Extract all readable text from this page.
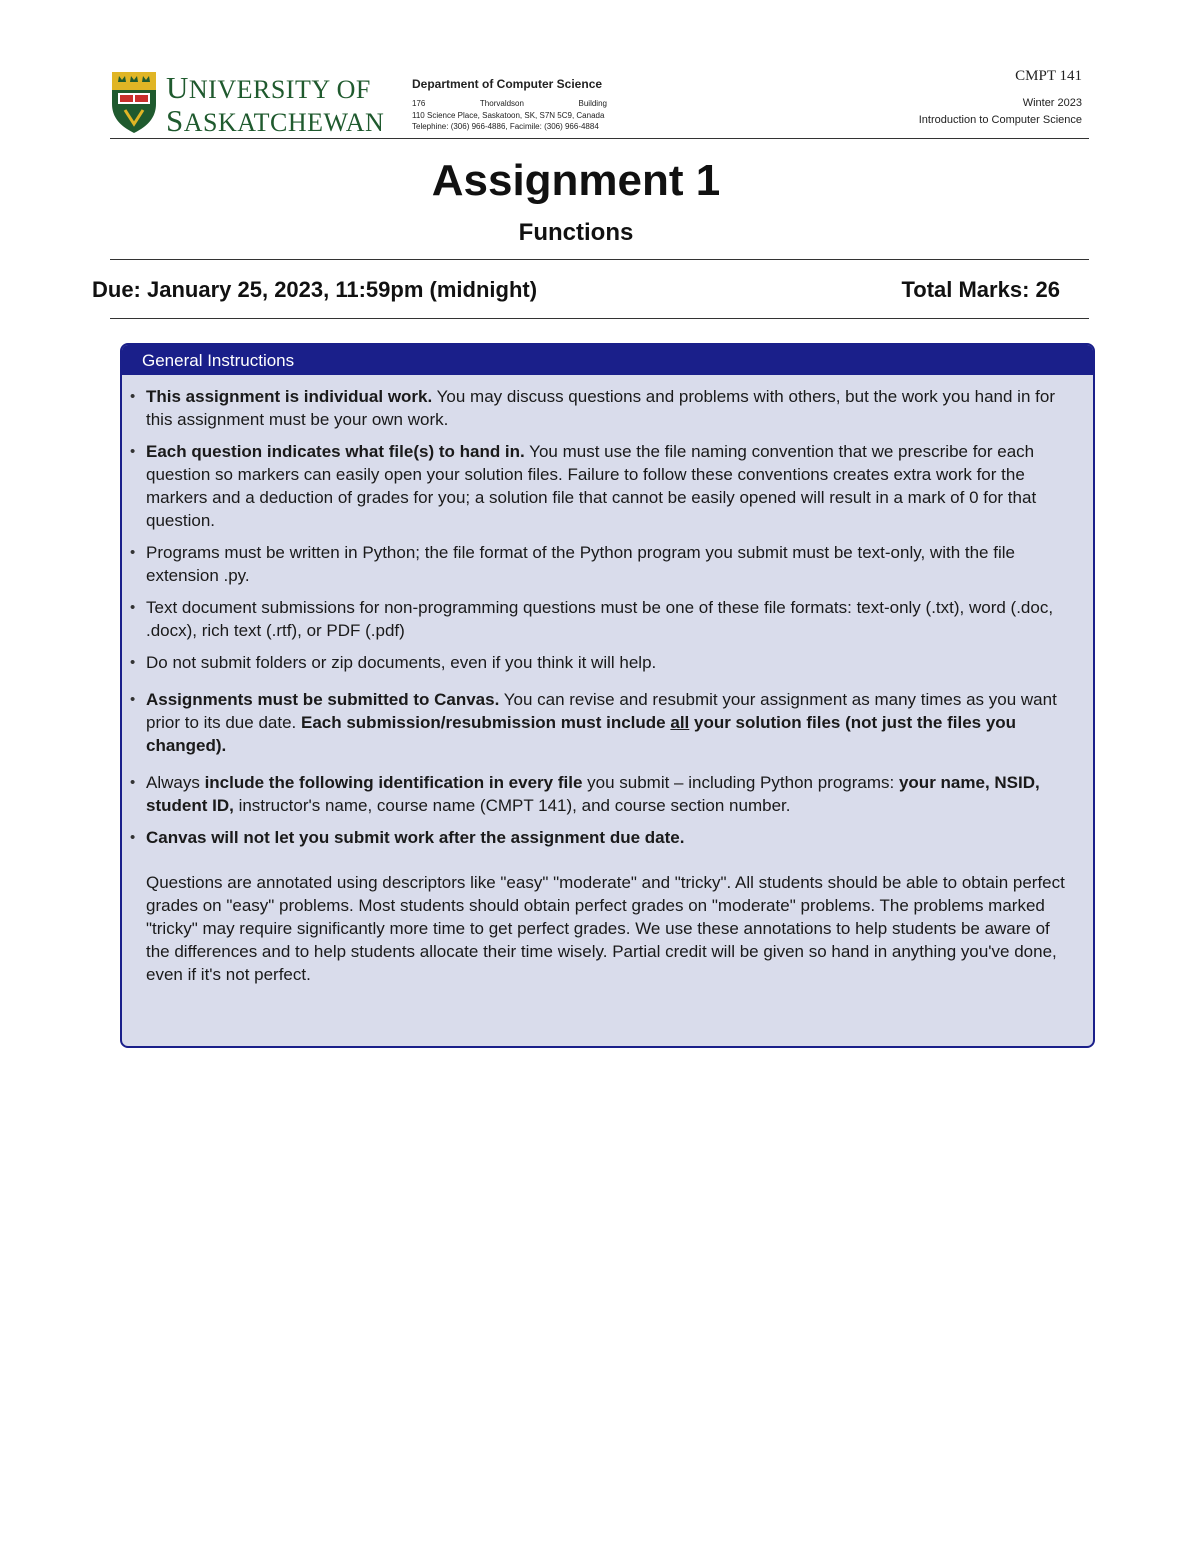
UNIVERSITY OF
SASKATCHEWAN
Department of Computer Science
176	Thorvaldson	Building
110 Science Place, Saskatoon, SK, S7N 5C9, Canada
Telephine: (306) 966-4886, Facimile: (306) 966-4884
CMPT 141
Winter 2023
Introduction to Computer Science
Assignment 1
Functions
Due: January 25, 2023, 11:59pm (midnight)	Total Marks: 26
General Instructions
• This assignment is individual work. You may discuss questions and problems with others, but the work you hand in for this assignment must be your own work.
• Each question indicates what file(s) to hand in. You must use the file naming convention that we prescribe for each question so markers can easily open your solution files. Failure to follow these conventions creates extra work for the markers and a deduction of grades for you; a solution file that cannot be easily opened will result in a mark of 0 for that question.
• Programs must be written in Python; the file format of the Python program you submit must be text-only, with the file extension .py.
• Text document submissions for non-programming questions must be one of these file formats: text-only (.txt), word (.doc, .docx), rich text (.rtf), or PDF (.pdf)
• Do not submit folders or zip documents, even if you think it will help.
• Assignments must be submitted to Canvas. You can revise and resubmit your assignment as many times as you want prior to its due date. Each submission/resubmission must include all your solution files (not just the files you changed).
• Always include the following identification in every file you submit – including Python programs: your name, NSID, student ID, instructor's name, course name (CMPT 141), and course section number.
• Canvas will not let you submit work after the assignment due date.
Questions are annotated using descriptors like "easy" "moderate" and "tricky". All students should be able to obtain perfect grades on "easy" problems. Most students should obtain perfect grades on "moderate" problems. The problems marked "tricky" may require significantly more time to get perfect grades. We use these annotations to help students be aware of the differences and to help students allocate their time wisely. Partial credit will be given so hand in anything you've done, even if it's not perfect.
